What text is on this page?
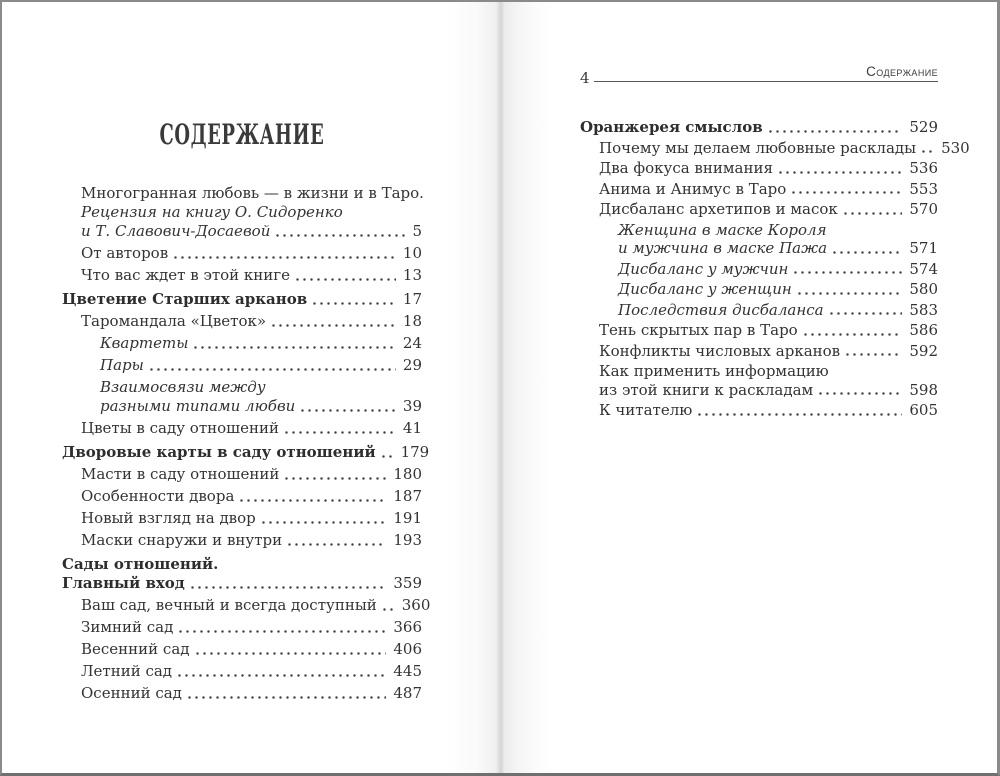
СОДЕРЖАНИЕ
Многогранная любовь — в жизни и в Таро.
Рецензия на книгу О. Сидоренко
и Т. Славович-Досаевой	5
От авторов	10
Что вас ждет в этой книге	13
Цветение Старших арканов	17
Таромандала «Цветок»	18
Квартеты	24
Пары	29
Взаимосвязи между
разными типами любви	39
Цветы в саду отношений	41
Дворовые карты в саду отношений 179
Масти в саду отношений	180
Особенности двора	187
Новый взгляд на двор	191
Маски снаружи и внутри	193
Сады отношений.
Главный вход	359
Ваш сад, вечный и всегда доступный 360
Зимний сад	366
Весенний сад	406
Летний сад	445
Осенний сад	487
4	Содержание
Оранжерея смыслов	529
Почему мы делаем любовные расклады 530
Два фокуса внимания	536
Анима и Анимус в Таро	553
Дисбаланс архетипов и масок	570
Женщина в маске Короля
и мужчина в маске Пажа	571
Дисбаланс у мужчин	574
Дисбаланс у женщин	580
Последствия дисбаланса	583
Тень скрытых пар в Таро	586
Конфликты числовых арканов	592
Как применить информацию
из этой книги к раскладам	598
К читателю	605
